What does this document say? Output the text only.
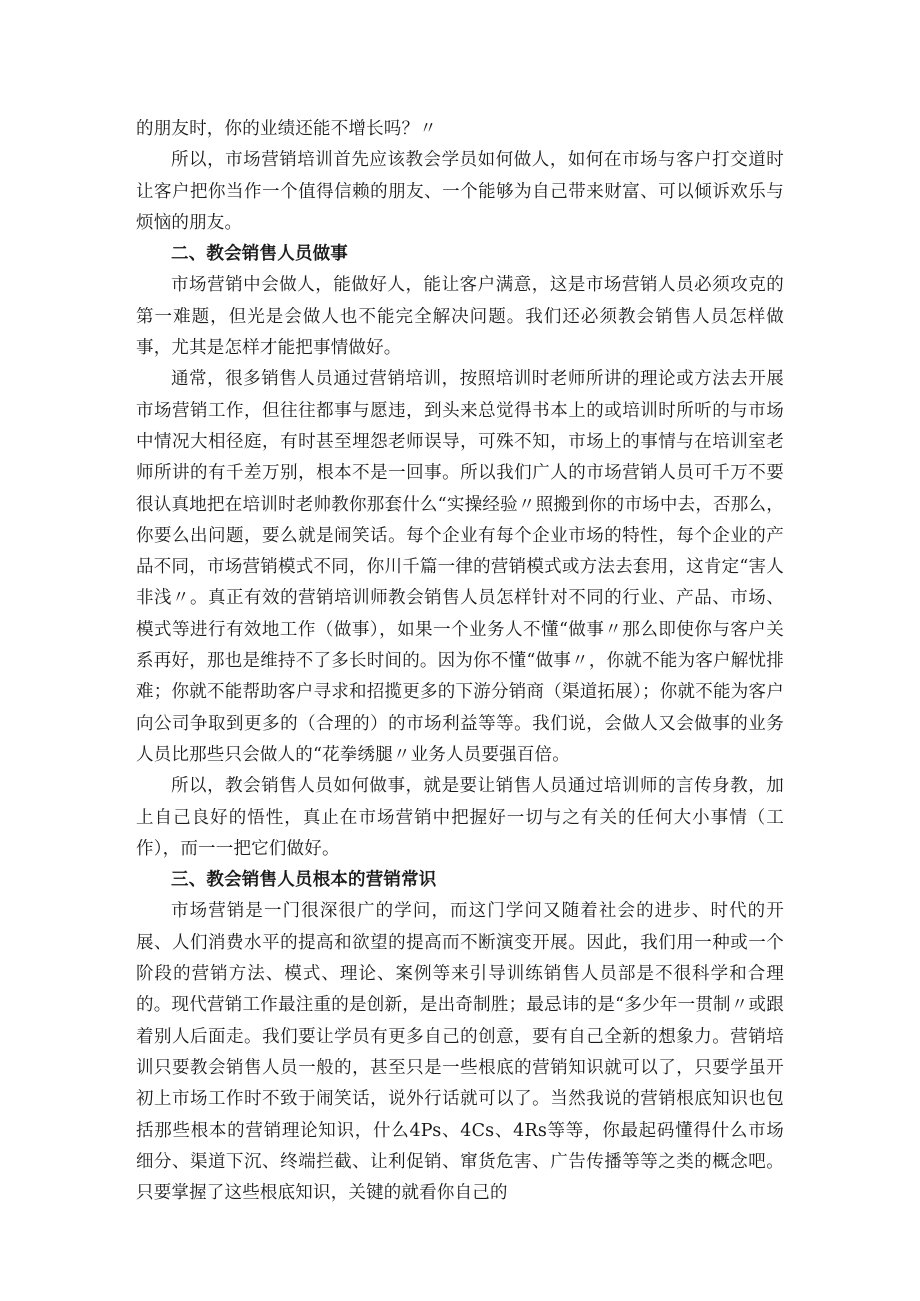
的朋友时，你的业绩还能不增长吗？〃

所以，市场营销培训首先应该教会学员如何做人，如何在市场与客户打交道时让客户把你当作一个值得信赖的朋友、一个能够为自己带来财富、可以倾诉欢乐与烦恼的朋友。

二、教会销售人员做事

市场营销中会做人，能做好人，能让客户满意，这是市场营销人员必须攻克的第一难题，但光是会做人也不能完全解决问题。我们还必须教会销售人员怎样做事，尤其是怎样才能把事情做好。

通常，很多销售人员通过营销培训，按照培训时老师所讲的理论或方法去开展市场营销工作，但往往都事与愿违，到头来总觉得书本上的或培训时所听的与市场中情况大相径庭，有时甚至埋怨老师误导，可殊不知，市场上的事情与在培训室老师所讲的有千差万别，根本不是一回事。所以我们广人的市场营销人员可千万不要很认真地把在培训时老帅教你那套什么“实操经验〃照搬到你的市场中去，否那么，你要么出问题，要么就是闹笑话。每个企业有每个企业市场的特性，每个企业的产品不同，市场营销模式不同，你川千篇一律的营销模式或方法去套用，这肯定“害人非浅〃。真正有效的营销培训师教会销售人员怎样针对不同的行业、产品、市场、模式等进行有效地工作（做事），如果一个业务人不懂“做事〃那么即使你与客户关系再好，那也是维持不了多长时间的。因为你不懂“做事〃，你就不能为客户解忧排难；你就不能帮助客户寻求和招揽更多的下游分销商（渠道拓展）；你就不能为客户向公司争取到更多的（合理的）的市场利益等等。我们说，会做人又会做事的业务人员比那些只会做人的“花拳绣腿〃业务人员要强百倍。

所以，教会销售人员如何做事，就是要让销售人员通过培训师的言传身教，加上自己良好的悟性，真止在市场营销中把握好一切与之有关的任何大小事情（工作），而一一把它们做好。

三、教会销售人员根本的营销常识

市场营销是一门很深很广的学问，而这门学问又随着社会的进步、时代的开展、人们消费水平的提高和欲望的提高而不断演变开展。因此，我们用一种或一个阶段的营销方法、模式、理论、案例等来引导训练销售人员部是不很科学和合理的。现代营销工作最注重的是创新，是出奇制胜；最忌讳的是“多少年一贯制〃或跟着别人后面走。我们要让学员有更多自己的创意，要有自己全新的想象力。营销培训只要教会销售人员一般的，甚至只是一些根底的营销知识就可以了，只要学虽开初上市场工作时不致于闹笑话，说外行话就可以了。当然我说的营销根底知识也包括那些根本的营销理论知识，什么4Ps、4Cs、4Rs等等，你最起码懂得什么市场细分、渠道下沉、终端拦截、让利促销、窜货危害、广告传播等等之类的概念吧。只要掌握了这些根底知识，关键的就看你自己的
